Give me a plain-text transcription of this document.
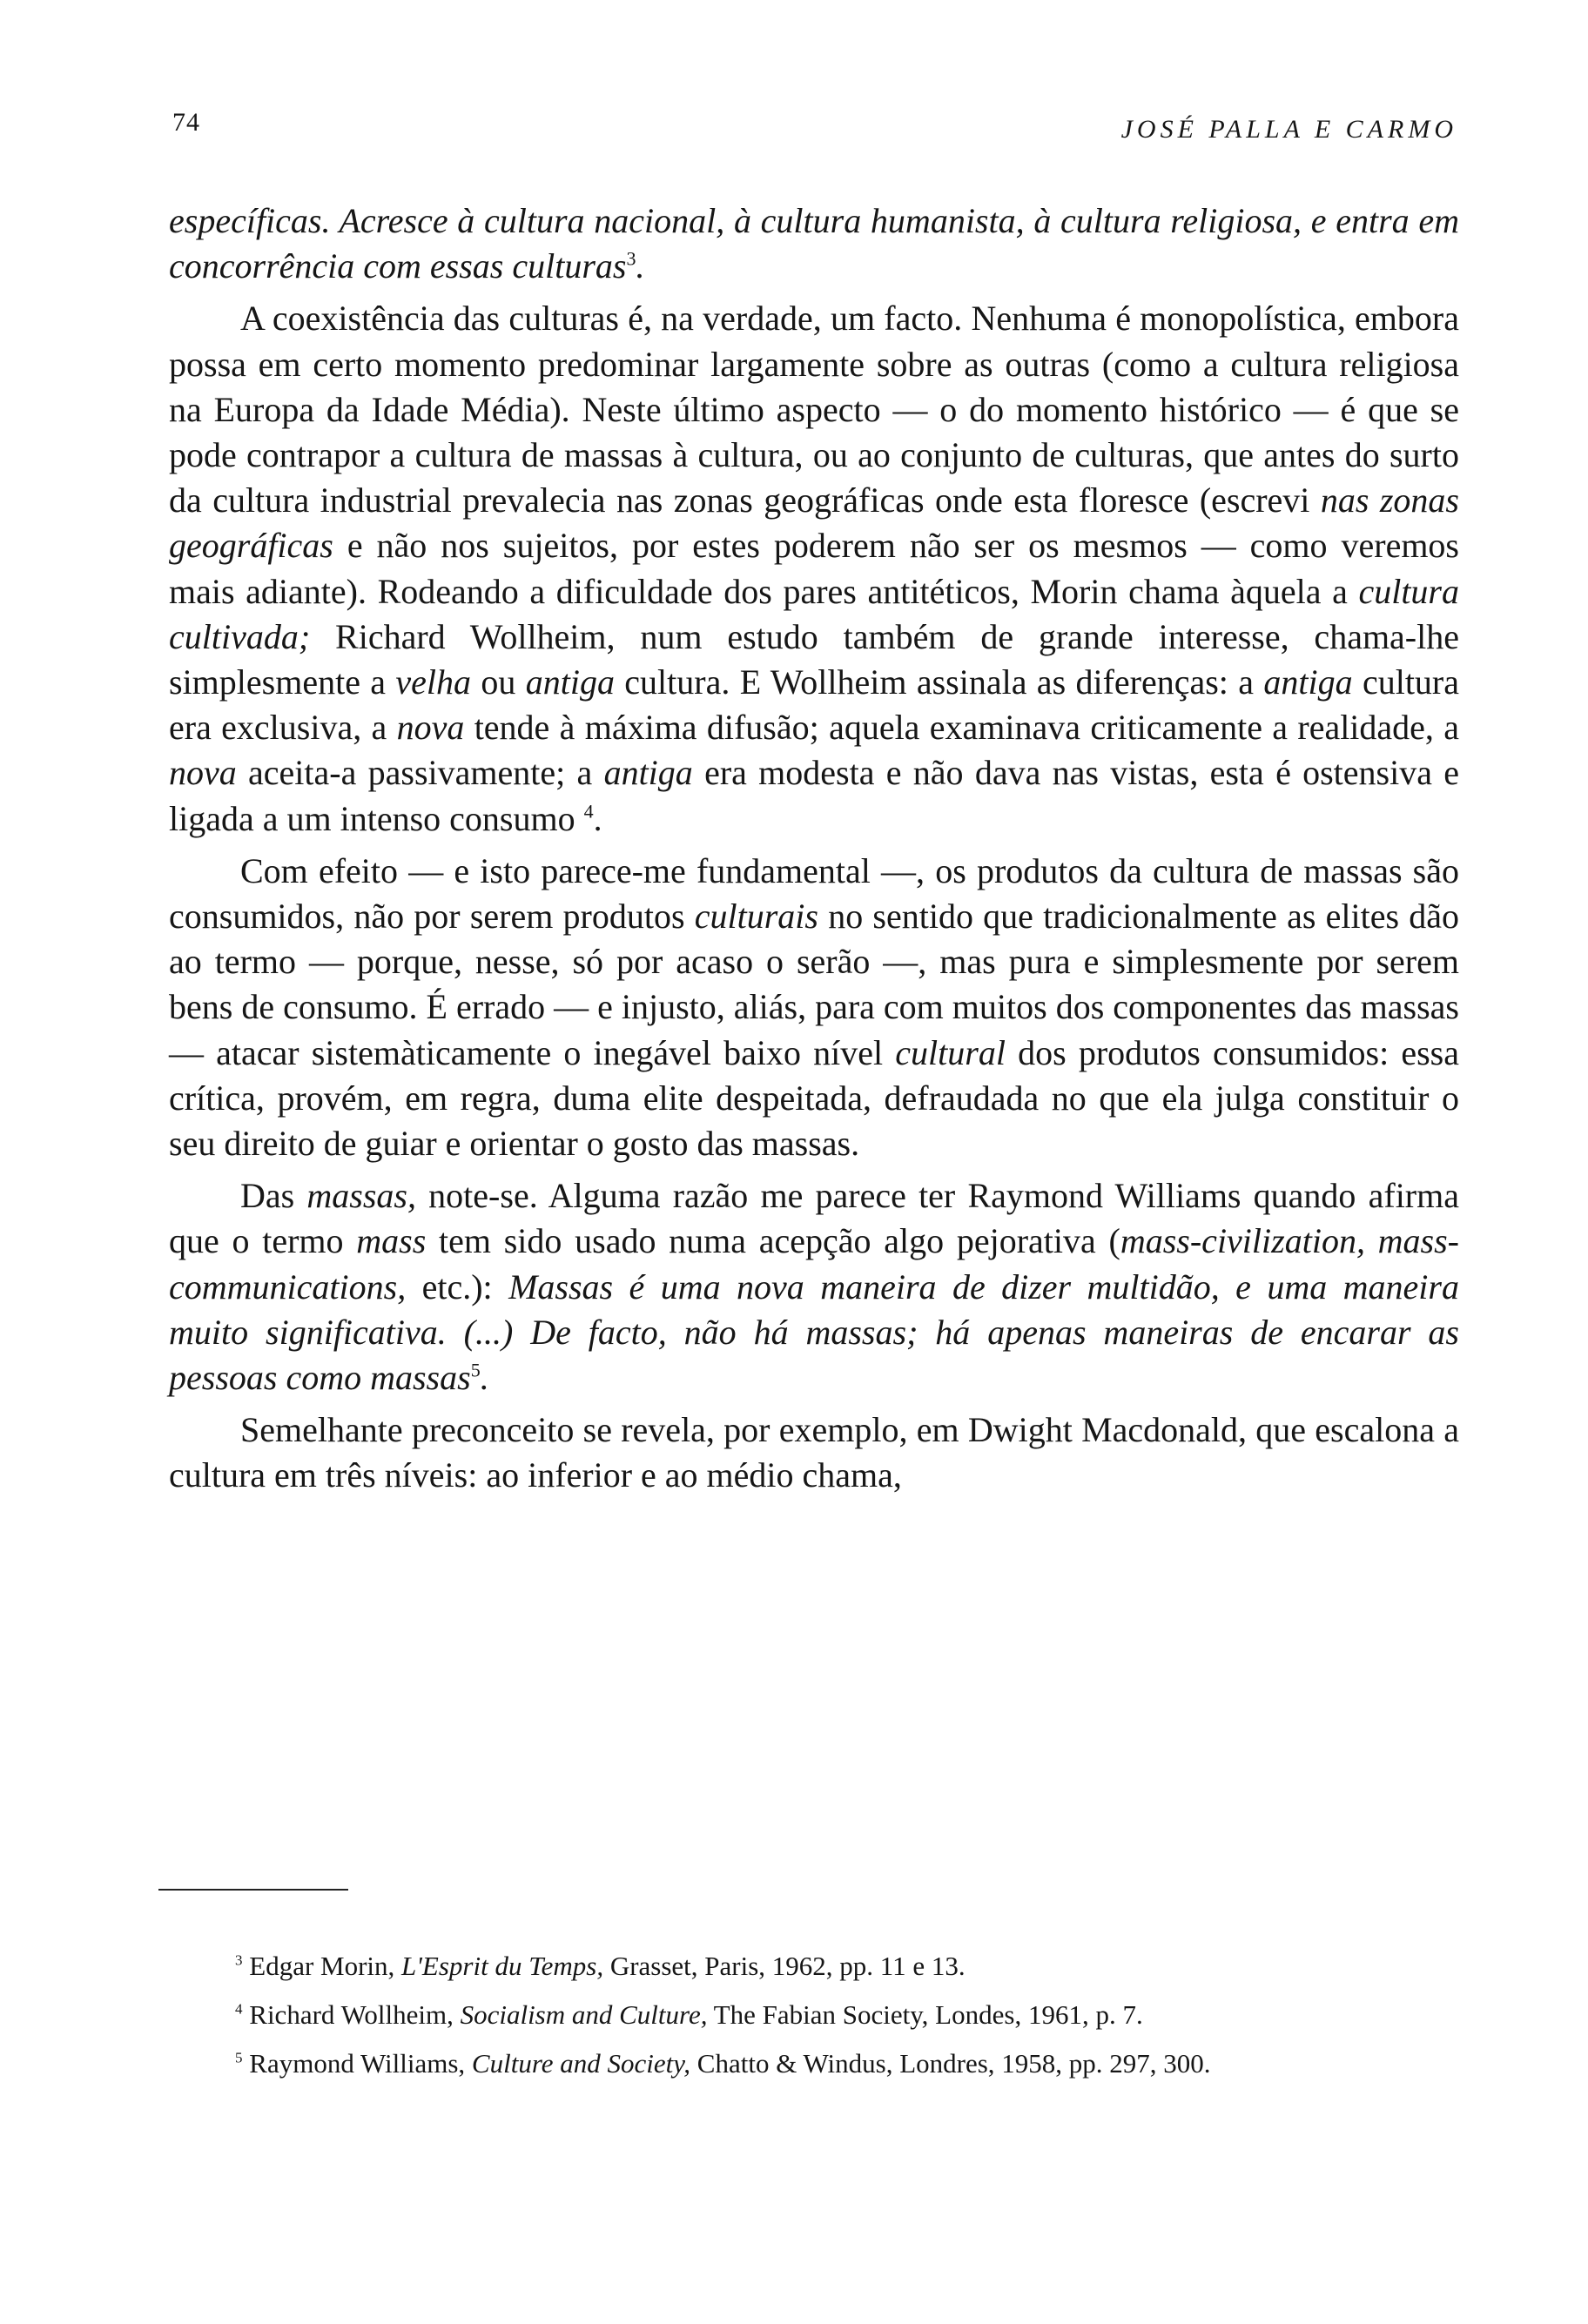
74	JOSÉ PALLA E CARMO

específicas. Acresce à cultura nacional, à cultura humanista, à cultura religiosa, e entra em concorrência com essas culturas$^3$.

A coexistência das culturas é, na verdade, um facto. Nenhuma é monopolística, embora possa em certo momento predominar largamente sobre as outras (como a cultura religiosa na Europa da Idade Média). Neste último aspecto — o do momento histórico — é que se pode contrapor a cultura de massas à cultura, ou ao conjunto de culturas, que antes do surto da cultura industrial prevalecia nas zonas geográficas onde esta floresce (escrevi nas zonas geográficas e não nos sujeitos, por estes poderem não ser os mesmos — como veremos mais adiante). Rodeando a dificuldade dos pares antitéticos, Morin chama àquela a cultura cultivada; Richard Wollheim, num estudo também de grande interesse, chama-lhe simplesmente a velha ou antiga cultura. E Wollheim assinala as diferenças: a antiga cultura era exclusiva, a nova tende à máxima difusão; aquela examinava criticamente a realidade, a nova aceita-a passivamente; a antiga era modesta e não dava nas vistas, esta é ostensiva e ligada a um intenso consumo $^4$.

Com efeito — e isto parece-me fundamental —, os produtos da cultura de massas são consumidos, não por serem produtos culturais no sentido que tradicionalmente as elites dão ao termo — porque, nesse, só por acaso o serão —, mas pura e simplesmente por serem bens de consumo. É errado — e injusto, aliás, para com muitos dos componentes das massas — atacar sistemàticamente o inegável baixo nível cultural dos produtos consumidos: essa crítica, provém, em regra, duma elite despeitada, defraudada no que ela julga constituir o seu direito de guiar e orientar o gosto das massas.

Das massas, note-se. Alguma razão me parece ter Raymond Williams quando afirma que o termo mass tem sido usado numa acepção algo pejorativa (mass-civilization, mass-communications, etc.): Massas é uma nova maneira de dizer multidão, e uma maneira muito significativa. (...) De facto, não há massas; há apenas maneiras de encarar as pessoas como massas$^5$.

Semelhante preconceito se revela, por exemplo, em Dwight Macdonald, que escalona a cultura em três níveis: ao inferior e ao médio chama,

$^3$ Edgar Morin, L'Esprit du Temps, Grasset, Paris, 1962, pp. 11 e 13.

$^4$ Richard Wollheim, Socialism and Culture, The Fabian Society, Londes, 1961, p. 7.

$^5$ Raymond Williams, Culture and Society, Chatto & Windus, Londres, 1958, pp. 297, 300.
